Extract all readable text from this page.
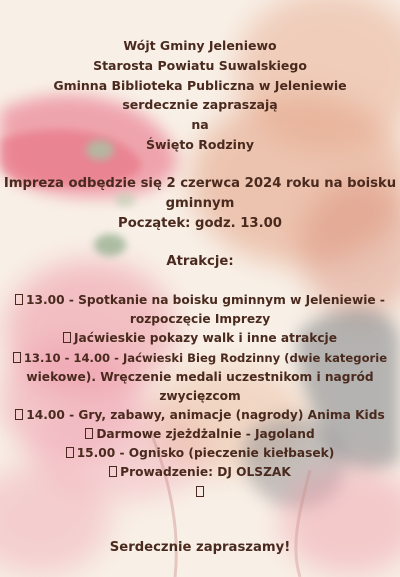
Wójt Gminy Jeleniewo
Starosta Powiatu Suwalskiego
Gminna Biblioteka Publiczna w Jeleniewie
serdecznie zapraszają
na
Święto Rodziny
Impreza odbędzie się 2 czerwca 2024 roku na boisku
gminnym
Początek: godz. 13.00
Atrakcje:
13.00 - Spotkanie na boisku gminnym w Jeleniewie -
rozpoczęcie Imprezy
Jaćwieskie pokazy walk i inne atrakcje
13.10 - 14.00 - Jaćwieski Bieg Rodzinny (dwie kategorie
wiekowe). Wręczenie medali uczestnikom i nagród
zwycięzcom
14.00 - Gry, zabawy, animacje (nagrody) Anima Kids
Darmowe zjeżdżalnie - Jagoland
15.00 - Ognisko (pieczenie kiełbasek)
Prowadzenie: DJ OLSZAK
Serdecznie zapraszamy!
